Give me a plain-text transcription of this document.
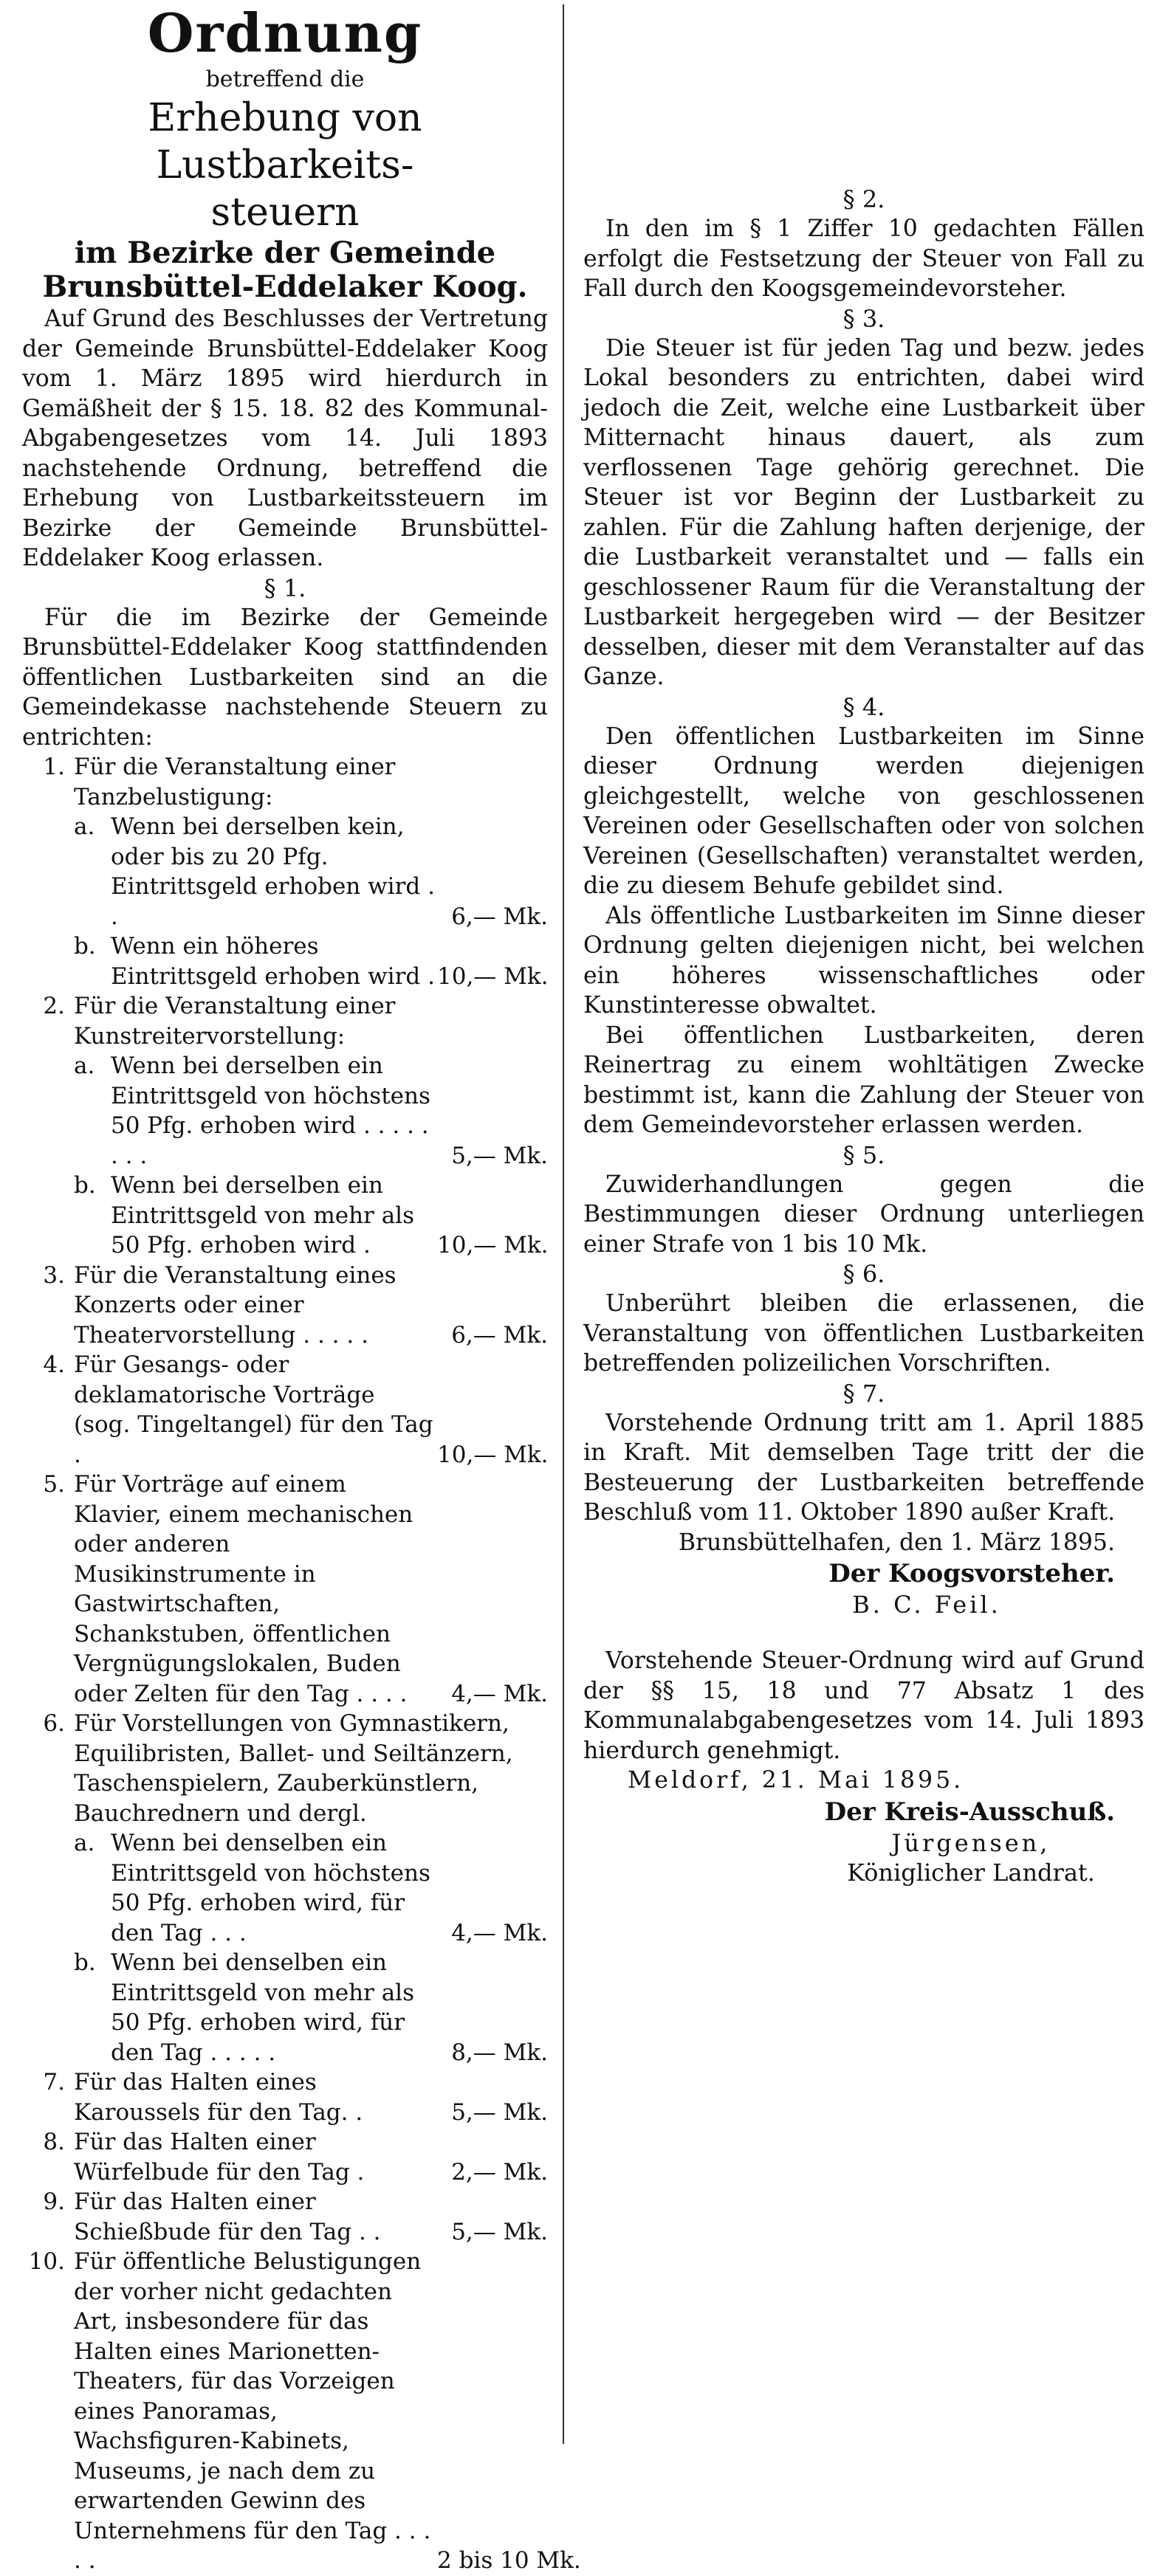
Ordnung

betreffend die

Erhebung von Lustbarkeits-

steuern

im Bezirke der Gemeinde

Brunsbüttel-Eddelaker Koog.

Auf Grund des Beschlusses der Vertretung der Gemeinde Brunsbüttel-Eddelaker Koog vom 1. März 1895 wird hierdurch in Gemäßheit der § 15. 18. 82 des Kommunal-Abgabengesetzes vom 14. Juli 1893 nachstehende Ordnung, betreffend die Erhebung von Lustbarkeitssteuern im Bezirke der Gemeinde Brunsbüttel-Eddelaker Koog erlassen.

§ 1.

Für die im Bezirke der Gemeinde Brunsbüttel-Eddelaker Koog stattfindenden öffentlichen Lustbarkeiten sind an die Gemeindekasse nachstehende Steuern zu entrichten:

1. Für die Veranstaltung einer Tanzbelustigung:
a. Wenn bei derselben kein, oder bis zu 20 Pfg. Eintrittsgeld erhoben wird . .	6,— Mk.
b. Wenn ein höheres Eintrittsgeld erhoben wird . 10,— Mk.
2. Für die Veranstaltung einer Kunstreitervorstellung:
a. Wenn bei derselben ein Eintrittsgeld von höchstens 50 Pfg. erhoben wird . . . . . . . .	5,— Mk.
b. Wenn bei derselben ein Eintrittsgeld von mehr als 50 Pfg. erhoben wird .	10,— Mk.
3. Für die Veranstaltung eines Konzerts oder einer Theatervorstellung . . . . .	6,— Mk.
4. Für Gesangs- oder deklamatorische Vorträge (sog. Tingeltangel) für den Tag .	10,— Mk.
5. Für Vorträge auf einem Klavier, einem mechanischen oder anderen Musikinstrumente in Gastwirtschaften, Schankstuben, öffentlichen Vergnügungslokalen, Buden oder Zelten für den Tag . . . .	4,— Mk.
6. Für Vorstellungen von Gymnastikern, Equilibristen, Ballet- und Seiltänzern, Taschenspielern, Zauberkünstlern, Bauchrednern und dergl.
a. Wenn bei denselben ein Eintrittsgeld von höchstens 50 Pfg. erhoben wird, für den Tag . . .	4,— Mk.
b. Wenn bei denselben ein Eintrittsgeld von mehr als 50 Pfg. erhoben wird, für den Tag . . . . .	8,— Mk.
7. Für das Halten eines Karoussels für den Tag. .	5,— Mk.
8. Für das Halten einer Würfelbude für den Tag .	2,— Mk.
9. Für das Halten einer Schießbude für den Tag . .	5,— Mk.
10. Für öffentliche Belustigungen der vorher nicht gedachten Art, insbesondere für das Halten eines Marionetten-Theaters, für das Vorzeigen eines Panoramas, Wachsfiguren-Kabinets, Museums, je nach dem zu erwartenden Gewinn des Unternehmens für den Tag . . . . .	2 bis 10 Mk.

§ 2.

In den im § 1 Ziffer 10 gedachten Fällen erfolgt die Festsetzung der Steuer von Fall zu Fall durch den Koogsgemeindevorsteher.

§ 3.

Die Steuer ist für jeden Tag und bezw. jedes Lokal besonders zu entrichten, dabei wird jedoch die Zeit, welche eine Lustbarkeit über Mitternacht hinaus dauert, als zum verflossenen Tage gehörig gerechnet. Die Steuer ist vor Beginn der Lustbarkeit zu zahlen. Für die Zahlung haften derjenige, der die Lustbarkeit veranstaltet und — falls ein geschlossener Raum für die Veranstaltung der Lustbarkeit hergegeben wird — der Besitzer desselben, dieser mit dem Veranstalter auf das Ganze.

§ 4.

Den öffentlichen Lustbarkeiten im Sinne dieser Ordnung werden diejenigen gleichgestellt, welche von geschlossenen Vereinen oder Gesellschaften oder von solchen Vereinen (Gesellschaften) veranstaltet werden, die zu diesem Behufe gebildet sind.

Als öffentliche Lustbarkeiten im Sinne dieser Ordnung gelten diejenigen nicht, bei welchen ein höheres wissenschaftliches oder Kunstinteresse obwaltet.

Bei öffentlichen Lustbarkeiten, deren Reinertrag zu einem wohltätigen Zwecke bestimmt ist, kann die Zahlung der Steuer von dem Gemeindevorsteher erlassen werden.

§ 5.

Zuwiderhandlungen gegen die Bestimmungen dieser Ordnung unterliegen einer Strafe von 1 bis 10 Mk.

§ 6.

Unberührt bleiben die erlassenen, die Veranstaltung von öffentlichen Lustbarkeiten betreffenden polizeilichen Vorschriften.

§ 7.

Vorstehende Ordnung tritt am 1. April 1885 in Kraft. Mit demselben Tage tritt der die Besteuerung der Lustbarkeiten betreffende Beschluß vom 11. Oktober 1890 außer Kraft.

Brunsbüttelhafen, den 1. März 1895.

Der Koogsvorsteher.

B. C. Feil.

Vorstehende Steuer-Ordnung wird auf Grund der §§ 15, 18 und 77 Absatz 1 des Kommunalabgabengesetzes vom 14. Juli 1893 hierdurch genehmigt.

Meldorf, 21. Mai 1895.

Der Kreis-Ausschuß.

Jürgensen,

Königlicher Landrat.
